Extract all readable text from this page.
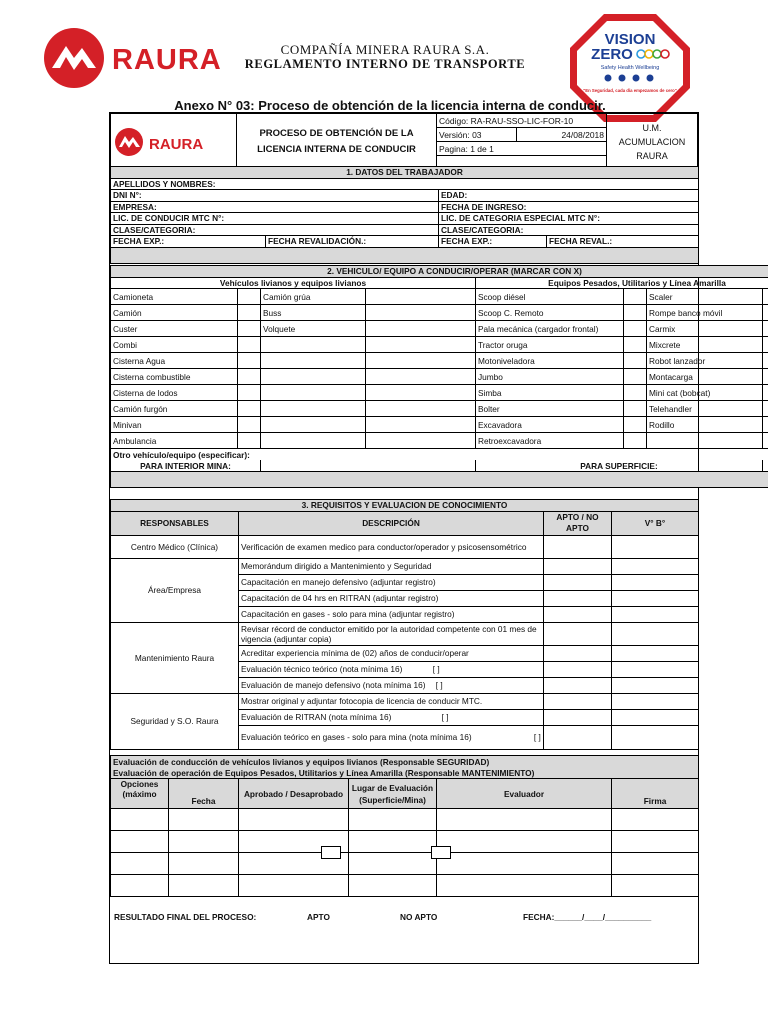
RAURA	COMPAÑÍA MINERA RAURA S.A.
REGLAMENTO INTERNO DE TRANSPORTE
VISION
ZERO
Safety Health Wellbeing
"En Seguridad, cada día empezamos de cero"
Anexo N° 03: Proceso de obtención de la licencia interna de conducir.
RAURA	PROCESO DE OBTENCIÓN DE LA LICENCIA INTERNA DE CONDUCIR	Código: RA-RAU-SSO-LIC-FOR-10		U.M. ACUMULACION RAURA
		Versión: 03	24/08/2018	
		Pagina: 1 de 1		

1. DATOS DEL TRABAJADOR			
APELLIDOS Y NOMBRES:			
DNI N°:		EDAD:	
EMPRESA:		FECHA DE INGRESO:	
LIC. DE CONDUCIR MTC N°:		LIC. DE CATEGORIA ESPECIAL MTC N°:	
CLASE/CATEGORIA:		CLASE/CATEGORIA:	
FECHA EXP.:	FECHA REVALIDACIÓN.:	FECHA EXP.:	FECHA REVAL.:

2. VEHICULO/ EQUIPO A CONDUCIR/OPERAR (MARCAR CON X)							
Vehículos livianos y equipos livianos				Equipos Pesados, Utilitarios y Línea Amarilla			
Camioneta		Camión grúa		Scoop diésel		Scaler	
Camión		Buss		Scoop C. Remoto		Rompe banco móvil	
Custer		Volquete		Pala mecánica (cargador frontal)		Carmix	
Combi				Tractor oruga		Mixcrete	
Cisterna Agua				Motoniveladora		Robot lanzador	
Cisterna combustible				Jumbo		Montacarga	
Cisterna de lodos				Simba		Mini cat (bobcat)	
Camión furgón				Bolter		Telehandler	
Minivan				Excavadora		Rodillo	
Ambulancia				Retroexcavadora			
Otro vehículo/equipo (especificar):							
PARA INTERIOR MINA:				PARA SUPERFICIE:			

3. REQUISITOS Y EVALUACION DE CONOCIMIENTO			
RESPONSABLES	DESCRIPCIÓN	APTO / NO APTO	V° B°
Centro Médico (Clínica)	Verificación de examen medico para conductor/operador y psicosensométrico		
Área/Empresa	Memorándum dirigido a Mantenimiento y Seguridad		
	Capacitación en manejo defensivo (adjuntar registro)		
	Capacitación de 04 hrs en RITRAN (adjuntar registro)		
	Capacitación en gases - solo para mina (adjuntar registro)		
Mantenimiento Raura	Revisar récord de conductor emitido por la autoridad competente con 01 mes de vigencia (adjuntar copia)		
	Acreditar experiencia mínima de (02) años de conducir/operar		
	Evaluación técnico teórico (nota mínima 16) [ ]		
	Evaluación de manejo defensivo (nota mínima 16) [ ]		
Seguridad y S.O. Raura	Mostrar original y adjuntar fotocopia de licencia de conducir MTC.		
	Evaluación de RITRAN (nota mínima 16) [ ]		
	Evaluación teórico en gases - solo para mina (nota mínima 16) [ ]		
Evaluación de conducción de vehículos livianos y equipos livianos (Responsable SEGURIDAD)					
Evaluación de operación de Equipos Pesados, Utilitarios y Línea Amarilla (Responsable MANTENIMIENTO)					
Opciones (máximo	Fecha	Aprobado / Desaprobado	Lugar de Evaluación (Superficie/Mina)	Evaluador	Firma

RESULTADO FINAL DEL PROCESO:	APTO	NO APTO	FECHA:______/____/__________
